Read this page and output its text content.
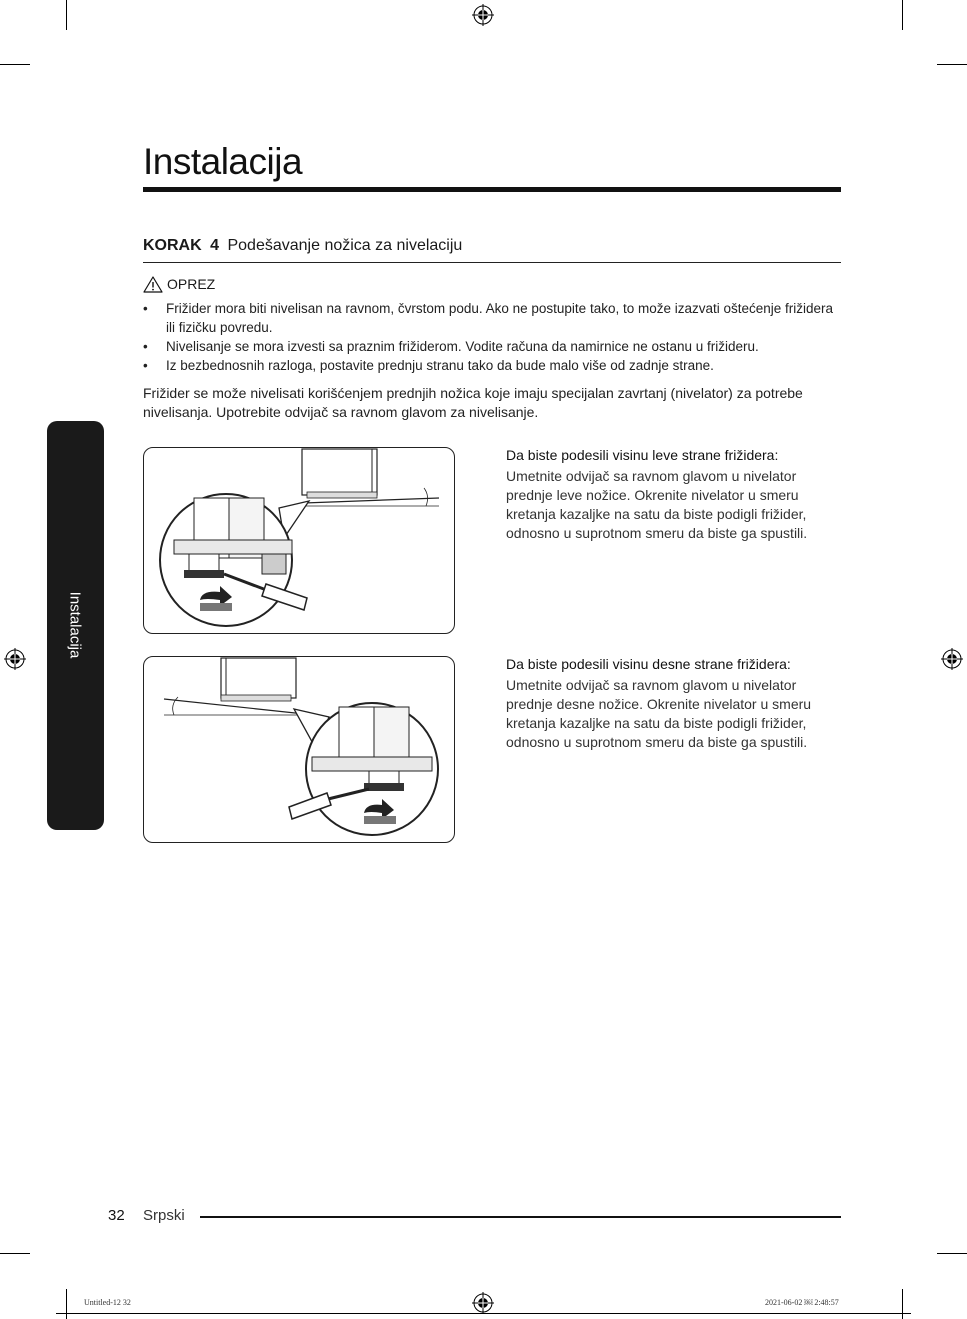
Instalacija
KORAK 4 Podešavanje nožica za nivelaciju
OPREZ
• Frižider mora biti nivelisan na ravnom, čvrstom podu. Ako ne postupite tako, to može izazvati oštećenje frižidera ili fizičku povredu.
• Nivelisanje se mora izvesti sa praznim frižiderom. Vodite računa da namirnice ne ostanu u frižideru.
• Iz bezbednosnih razloga, postavite prednju stranu tako da bude malo više od zadnje strane.

Frižider se može nivelisati korišćenjem prednjih nožica koje imaju specijalan zavrtanj (nivelator) za potrebe nivelisanja. Upotrebite odvijač sa ravnom glavom za nivelisanje.

Instalacija

Da biste podesili visinu leve strane frižidera:

Umetnite odvijač sa ravnom glavom u nivelator prednje leve nožice. Okrenite nivelator u smeru kretanja kazaljke na satu da biste podigli frižider, odnosno u suprotnom smeru da biste ga spustili.

Da biste podesili visinu desne strane frižidera:

Umetnite odvijač sa ravnom glavom u nivelator prednje desne nožice. Okrenite nivelator u smeru kretanja kazaljke na satu da biste podigli frižider, odnosno u suprotnom smeru da biste ga spustili.

32 Srpski
Untitled-12 32	2021-06-02 ￼ 2:48:57
